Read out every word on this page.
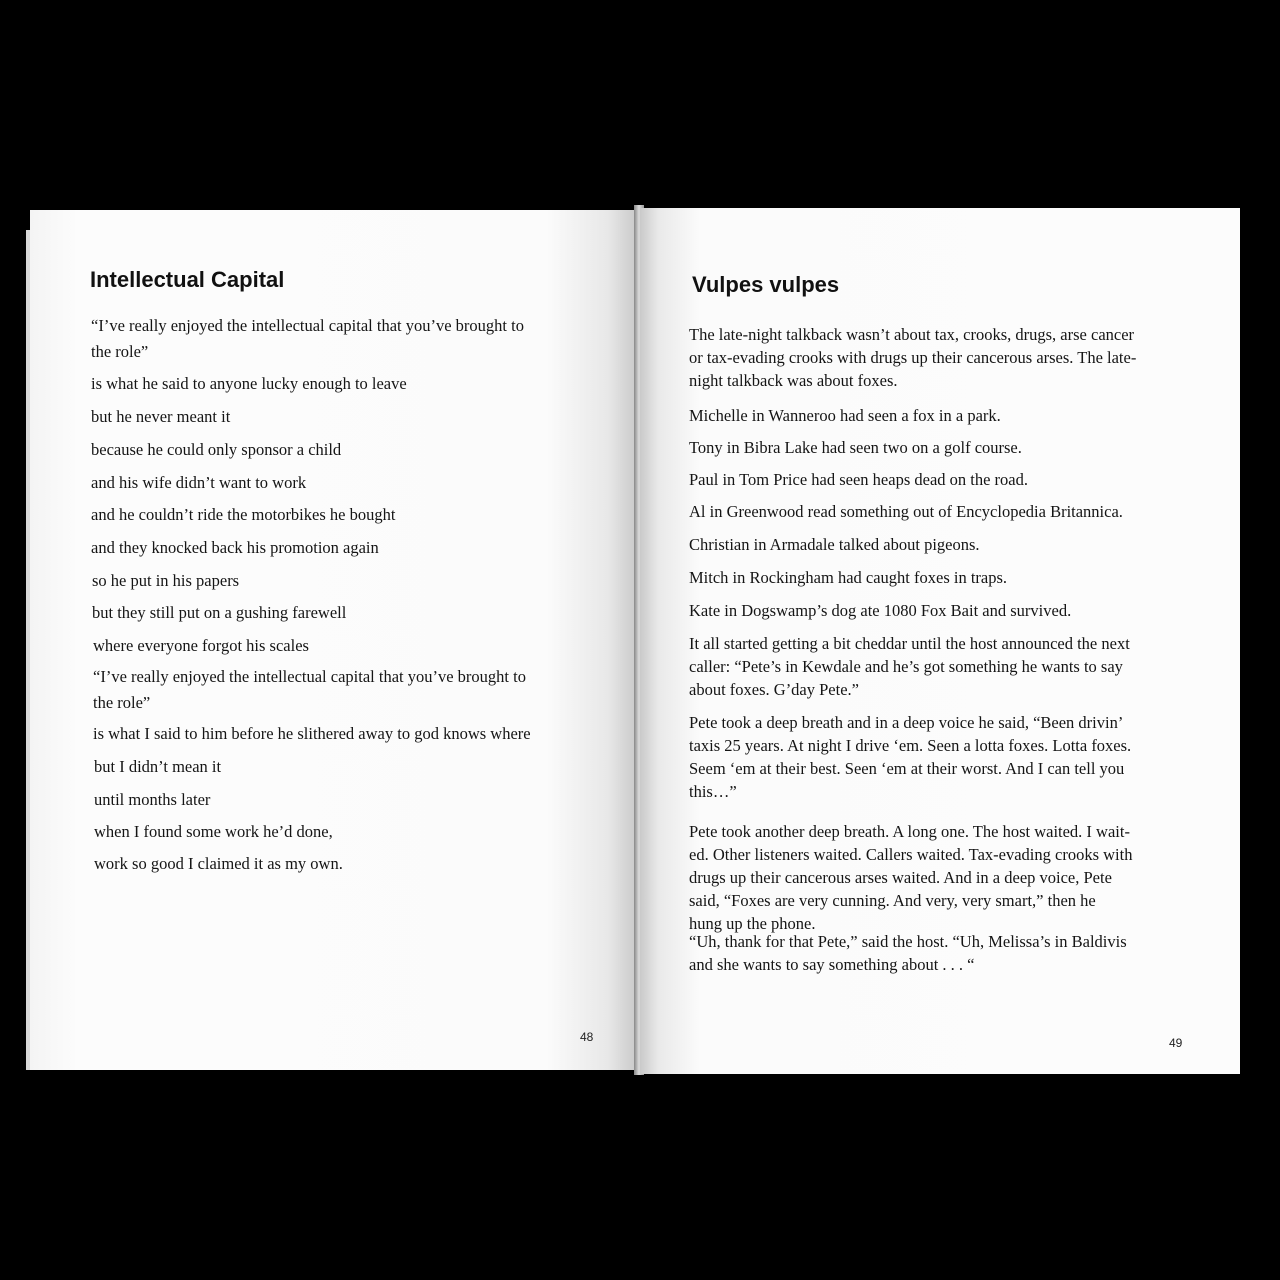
Intellectual Capital

“I’ve really enjoyed the intellectual capital that you’ve brought to

the role”

is what he said to anyone lucky enough to leave

but he never meant it

because he could only sponsor a child

and his wife didn’t want to work

and he couldn’t ride the motorbikes he bought

and they knocked back his promotion again

so he put in his papers

but they still put on a gushing farewell

where everyone forgot his scales

“I’ve really enjoyed the intellectual capital that you’ve brought to

the role”

is what I said to him before he slithered away to god knows where

but I didn’t mean it

until months later

when I found some work he’d done,

work so good I claimed it as my own.

48
Vulpes vulpes

The late-night talkback wasn’t about tax, crooks, drugs, arse cancer

or tax-evading crooks with drugs up their cancerous arses. The late-

night talkback was about foxes.

Michelle in Wanneroo had seen a fox in a park.

Tony in Bibra Lake had seen two on a golf course.

Paul in Tom Price had seen heaps dead on the road.

Al in Greenwood read something out of Encyclopedia Britannica.

Christian in Armadale talked about pigeons.

Mitch in Rockingham had caught foxes in traps.

Kate in Dogswamp’s dog ate 1080 Fox Bait and survived.

It all started getting a bit cheddar until the host announced the next

caller: “Pete’s in Kewdale and he’s got something he wants to say

about foxes. G’day Pete.”

Pete took a deep breath and in a deep voice he said, “Been drivin’

taxis 25 years. At night I drive ‘em. Seen a lotta foxes. Lotta foxes.

Seem ‘em at their best. Seen ‘em at their worst. And I can tell you

this…”

Pete took another deep breath. A long one. The host waited. I wait-

ed. Other listeners waited. Callers waited. Tax-evading crooks with

drugs up their cancerous arses waited. And in a deep voice, Pete

said, “Foxes are very cunning. And very, very smart,” then he

hung up the phone.

“Uh, thank for that Pete,” said the host. “Uh, Melissa’s in Baldivis

and she wants to say something about . . . “

49
